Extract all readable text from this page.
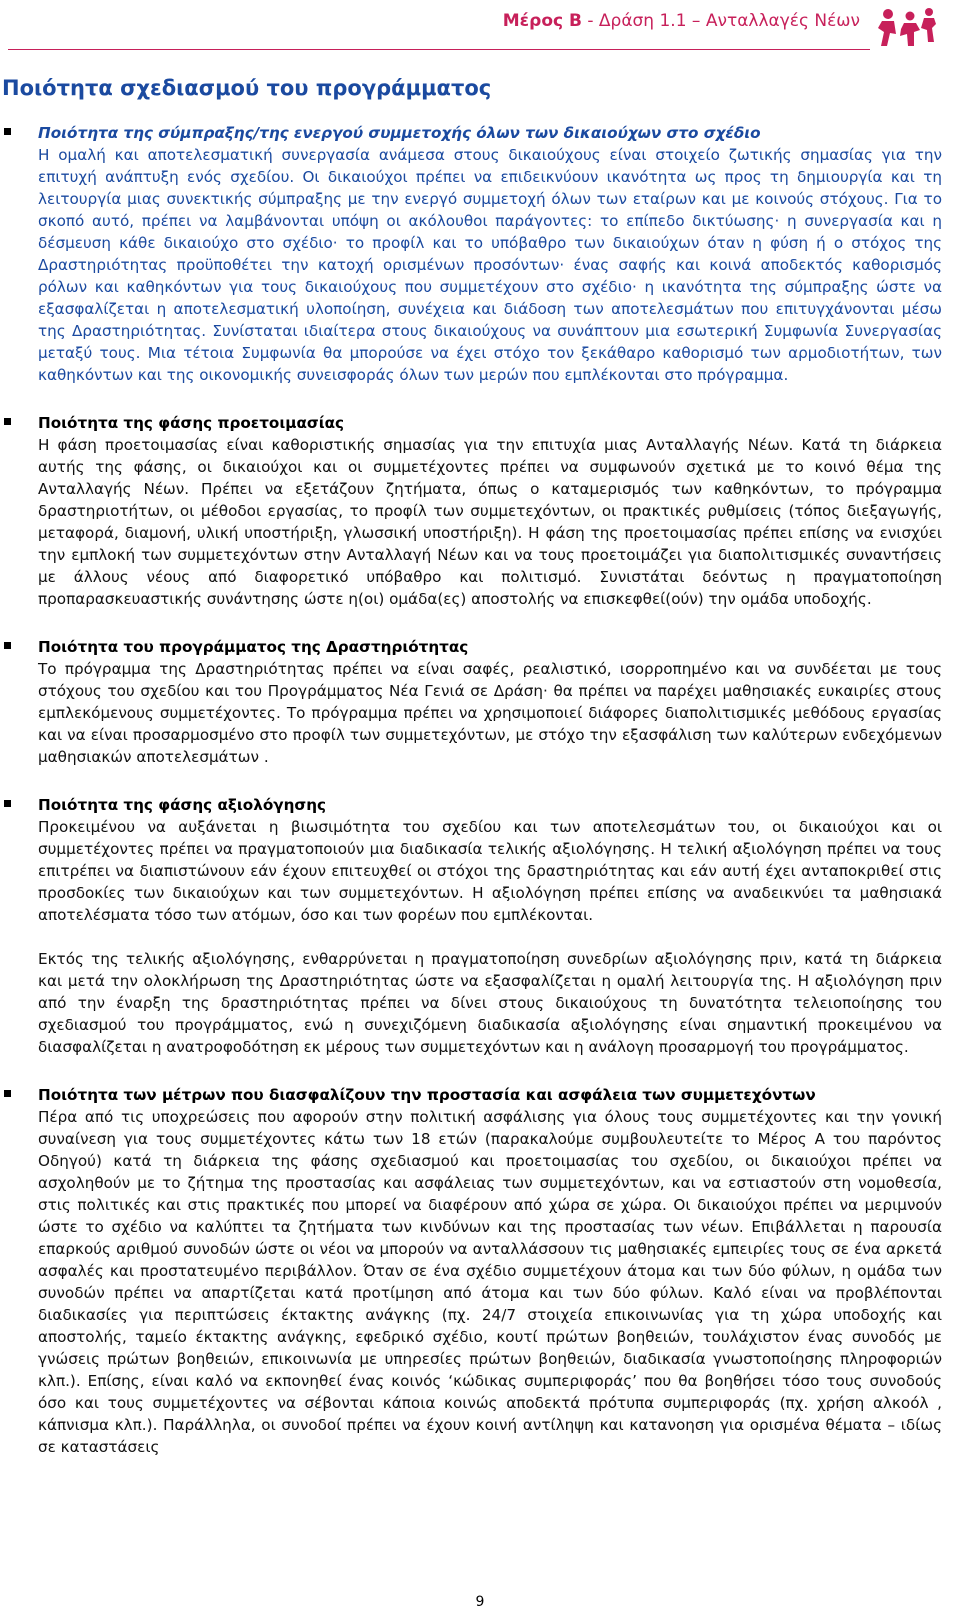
Μέρος Β - Δράση 1.1 – Ανταλλαγές Νέων
Ποιότητα σχεδιασμού του προγράμματος

Ποιότητα της σύμπραξης/της ενεργού συμμετοχής όλων των δικαιούχων στο σχέδιο

Η ομαλή και αποτελεσματική συνεργασία ανάμεσα στους δικαιούχους είναι στοιχείο ζωτικής σημασίας για την επιτυχή ανάπτυξη ενός σχεδίου. Οι δικαιούχοι πρέπει να επιδεικνύουν ικανότητα ως προς τη δημιουργία και τη λειτουργία μιας συνεκτικής σύμπραξης με την ενεργό συμμετοχή όλων των εταίρων και με κοινούς στόχους. Για το σκοπό αυτό, πρέπει να λαμβάνονται υπόψη οι ακόλουθοι παράγοντες: το επίπεδο δικτύωσης· η συνεργασία και η δέσμευση κάθε δικαιούχο στο σχέδιο· το προφίλ και το υπόβαθρο των δικαιούχων όταν η φύση ή ο στόχος της Δραστηριότητας προϋποθέτει την κατοχή ορισμένων προσόντων· ένας σαφής και κοινά αποδεκτός καθορισμός ρόλων και καθηκόντων για τους δικαιούχους που συμμετέχουν στο σχέδιο· η ικανότητα της σύμπραξης ώστε να εξασφαλίζεται η αποτελεσματική υλοποίηση, συνέχεια και διάδοση των αποτελεσμάτων που επιτυγχάνονται μέσω της Δραστηριότητας. Συνίσταται ιδιαίτερα στους δικαιούχους να συνάπτουν μια εσωτερική Συμφωνία Συνεργασίας μεταξύ τους. Μια τέτοια Συμφωνία θα μπορούσε να έχει στόχο τον ξεκάθαρο καθορισμό των αρμοδιοτήτων, των καθηκόντων και της οικονομικής συνεισφοράς όλων των μερών που εμπλέκονται στο πρόγραμμα.

Ποιότητα της φάσης προετοιμασίας

Η φάση προετοιμασίας είναι καθοριστικής σημασίας για την επιτυχία μιας Ανταλλαγής Νέων. Κατά τη διάρκεια αυτής της φάσης, οι δικαιούχοι και οι συμμετέχοντες πρέπει να συμφωνούν σχετικά με το κοινό θέμα της Ανταλλαγής Νέων. Πρέπει να εξετάζουν ζητήματα, όπως ο καταμερισμός των καθηκόντων, το πρόγραμμα δραστηριοτήτων, οι μέθοδοι εργασίας, το προφίλ των συμμετεχόντων, οι πρακτικές ρυθμίσεις (τόπος διεξαγωγής, μεταφορά, διαμονή, υλική υποστήριξη, γλωσσική υποστήριξη). Η φάση της προετοιμασίας πρέπει επίσης να ενισχύει την εμπλοκή των συμμετεχόντων στην Ανταλλαγή Νέων και να τους προετοιμάζει για διαπολιτισμικές συναντήσεις με άλλους νέους από διαφορετικό υπόβαθρο και πολιτισμό. Συνιστάται δεόντως η πραγματοποίηση προπαρασκευαστικής συνάντησης ώστε η(οι) ομάδα(ες) αποστολής να επισκεφθεί(ούν) την ομάδα υποδοχής.

Ποιότητα του προγράμματος της Δραστηριότητας

Το πρόγραμμα της Δραστηριότητας πρέπει να είναι σαφές, ρεαλιστικό, ισορροπημένο και να συνδέεται με τους στόχους του σχεδίου και του Προγράμματος Νέα Γενιά σε Δράση· θα πρέπει να παρέχει μαθησιακές ευκαιρίες στους εμπλεκόμενους συμμετέχοντες. Το πρόγραμμα πρέπει να χρησιμοποιεί διάφορες διαπολιτισμικές μεθόδους εργασίας και να είναι προσαρμοσμένο στο προφίλ των συμμετεχόντων, με στόχο την εξασφάλιση των καλύτερων ενδεχόμενων μαθησιακών αποτελεσμάτων .

Ποιότητα της φάσης αξιολόγησης

Προκειμένου να αυξάνεται η βιωσιμότητα του σχεδίου και των αποτελεσμάτων του, οι δικαιούχοι και οι συμμετέχοντες πρέπει να πραγματοποιούν μια διαδικασία τελικής αξιολόγησης. Η τελική αξιολόγηση πρέπει να τους επιτρέπει να διαπιστώνουν εάν έχουν επιτευχθεί οι στόχοι της δραστηριότητας και εάν αυτή έχει ανταποκριθεί στις προσδοκίες των δικαιούχων και των συμμετεχόντων. Η αξιολόγηση πρέπει επίσης να αναδεικνύει τα μαθησιακά αποτελέσματα τόσο των ατόμων, όσο και των φορέων που εμπλέκονται.

Εκτός της τελικής αξιολόγησης, ενθαρρύνεται η πραγματοποίηση συνεδρίων αξιολόγησης πριν, κατά τη διάρκεια και μετά την ολοκλήρωση της Δραστηριότητας ώστε να εξασφαλίζεται η ομαλή λειτουργία της. Η αξιολόγηση πριν από την έναρξη της δραστηριότητας πρέπει να δίνει στους δικαιούχους τη δυνατότητα τελειοποίησης του σχεδιασμού του προγράμματος, ενώ η συνεχιζόμενη διαδικασία αξιολόγησης είναι σημαντική προκειμένου να διασφαλίζεται η ανατροφοδότηση εκ μέρους των συμμετεχόντων και η ανάλογη προσαρμογή του προγράμματος.

Ποιότητα των μέτρων που διασφαλίζουν την προστασία και ασφάλεια των συμμετεχόντων

Πέρα από τις υποχρεώσεις που αφορούν στην πολιτική ασφάλισης για όλους τους συμμετέχοντες και την γονική συναίνεση για τους συμμετέχοντες κάτω των 18 ετών (παρακαλούμε συμβουλευτείτε το Μέρος Α του παρόντος Οδηγού) κατά τη διάρκεια της φάσης σχεδιασμού και προετοιμασίας του σχεδίου, οι δικαιούχοι πρέπει να ασχοληθούν με το ζήτημα της προστασίας και ασφάλειας των συμμετεχόντων, και να εστιαστούν στη νομοθεσία, στις πολιτικές και στις πρακτικές που μπορεί να διαφέρουν από χώρα σε χώρα. Οι δικαιούχοι πρέπει να μεριμνούν ώστε το σχέδιο να καλύπτει τα ζητήματα των κινδύνων και της προστασίας των νέων. Επιβάλλεται η παρουσία επαρκούς αριθμού συνοδών ώστε οι νέοι να μπορούν να ανταλλάσσουν τις μαθησιακές εμπειρίες τους σε ένα αρκετά ασφαλές και προστατευμένο περιβάλλον. Όταν σε ένα σχέδιο συμμετέχουν άτομα και των δύο φύλων, η ομάδα των συνοδών πρέπει να απαρτίζεται κατά προτίμηση από άτομα και των δύο φύλων. Καλό είναι να προβλέπονται διαδικασίες για περιπτώσεις έκτακτης ανάγκης (πχ. 24/7 στοιχεία επικοινωνίας για τη χώρα υποδοχής και αποστολής, ταμείο έκτακτης ανάγκης, εφεδρικό σχέδιο, κουτί πρώτων βοηθειών, τουλάχιστον ένας συνοδός με γνώσεις πρώτων βοηθειών, επικοινωνία με υπηρεσίες πρώτων βοηθειών, διαδικασία γνωστοποίησης πληροφοριών κλπ.). Επίσης, είναι καλό να εκπονηθεί ένας κοινός ‘κώδικας συμπεριφοράς’ που θα βοηθήσει τόσο τους συνοδούς όσο και τους συμμετέχοντες να σέβονται κάποια κοινώς αποδεκτά πρότυπα συμπεριφοράς (πχ. χρήση αλκοόλ , κάπνισμα κλπ.). Παράλληλα, οι συνοδοί πρέπει να έχουν κοινή αντίληψη και κατανοηση για ορισμένα θέματα – ιδίως σε καταστάσεις

9
